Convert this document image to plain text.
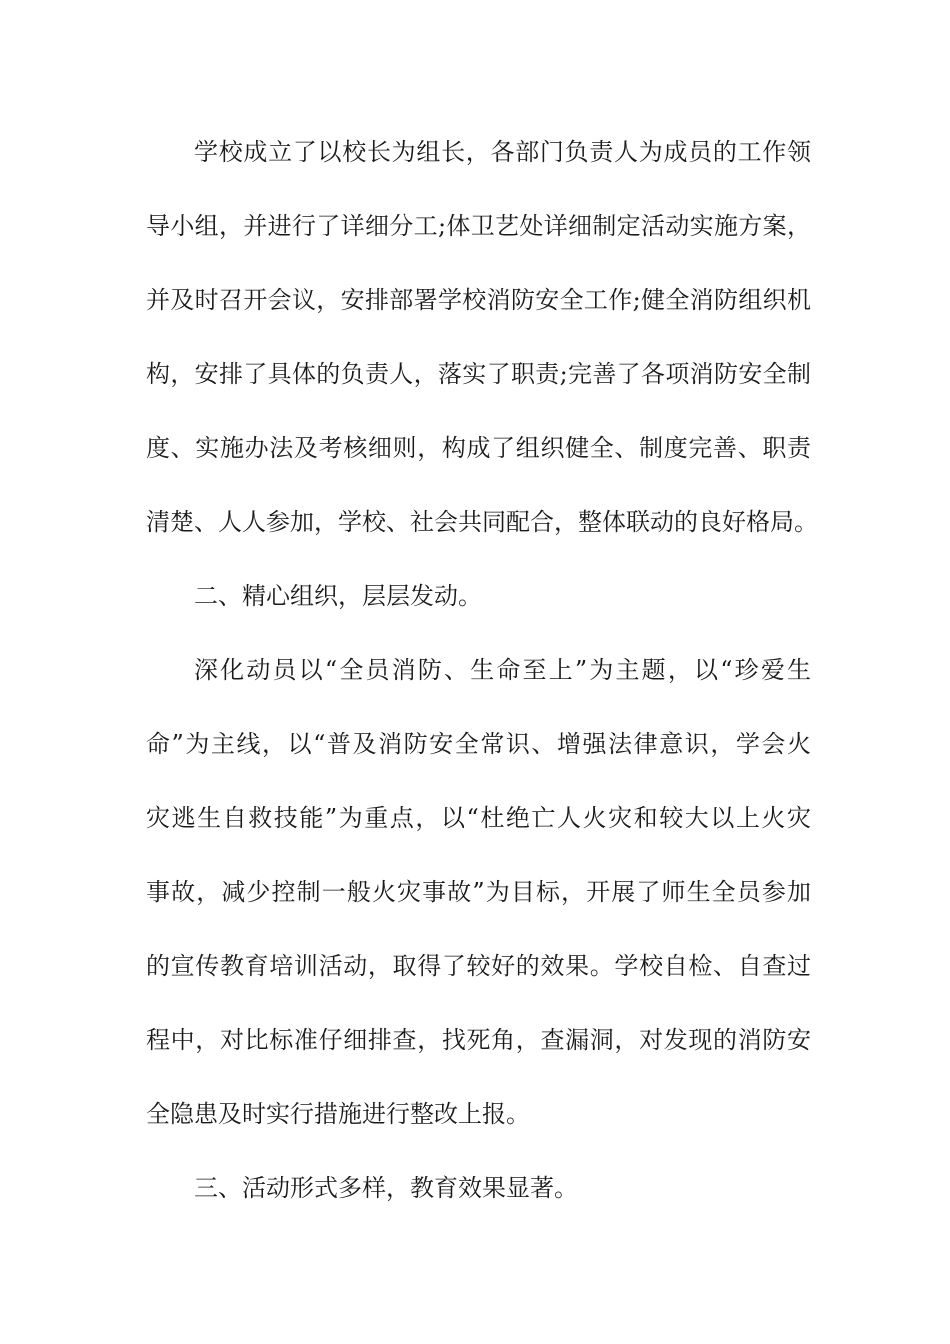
学校成立了以校长为组长，各部门负责人为成员的工作领

导小组，并进行了详细分工;体卫艺处详细制定活动实施方案，

并及时召开会议，安排部署学校消防安全工作;健全消防组织机

构，安排了具体的负责人，落实了职责;完善了各项消防安全制

度、实施办法及考核细则，构成了组织健全、制度完善、职责

清楚、人人参加，学校、社会共同配合，整体联动的良好格局。

二、精心组织，层层发动。

深化动员以“全员消防、生命至上”为主题，以“珍爱生

命”为主线，以“普及消防安全常识、增强法律意识，学会火

灾逃生自救技能”为重点，以“杜绝亡人火灾和较大以上火灾

事故，减少控制一般火灾事故”为目标，开展了师生全员参加

的宣传教育培训活动，取得了较好的效果。学校自检、自查过

程中，对比标准仔细排查，找死角，查漏洞，对发现的消防安

全隐患及时实行措施进行整改上报。

三、活动形式多样，教育效果显著。
